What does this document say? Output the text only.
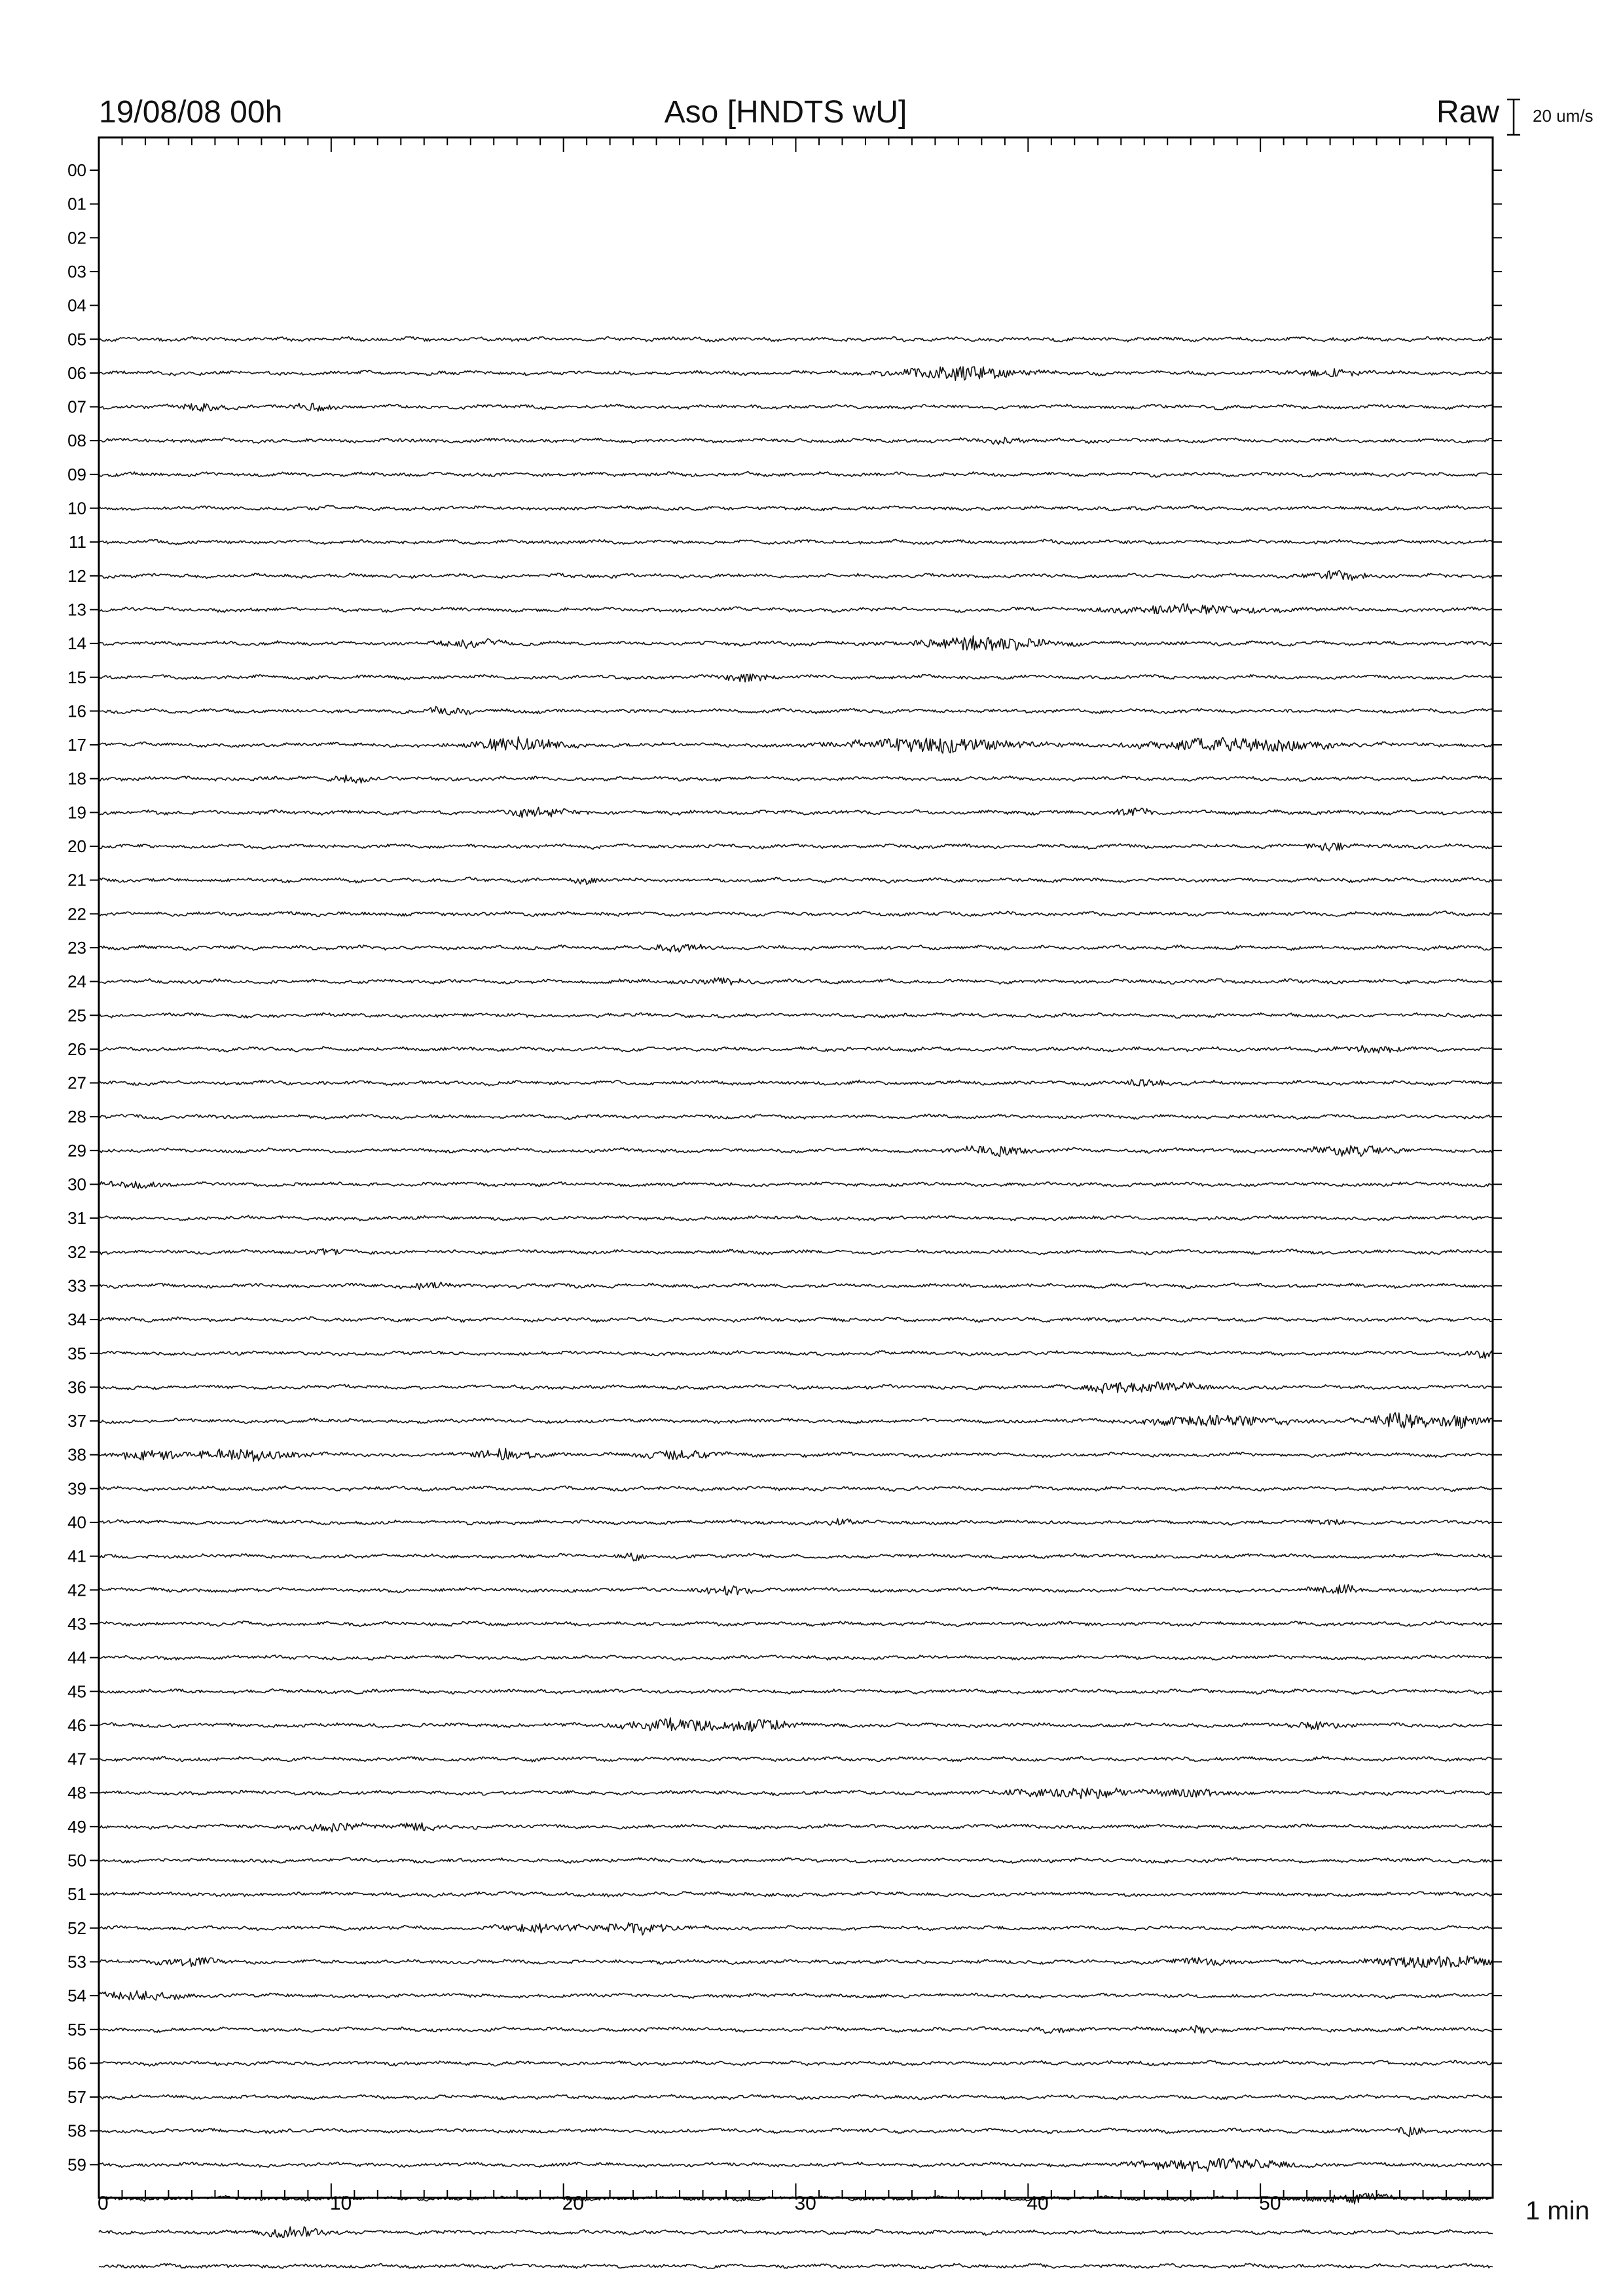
00
01
02
03
04
05
06
07
08
09
10
11
12
13
14
15
16
17
18
19
20
21
22
23
24
25
26
27
28
29
30
31
32
33
34
35
36
37
38
39
40
41
42
43
44
45
46
47
48
49
50
51
52
53
54
55
56
57
58
59
0	10	20	30	40	50
19/08/08 00h	Aso [HNDTS wU]	Raw 20 um/s
1 min
